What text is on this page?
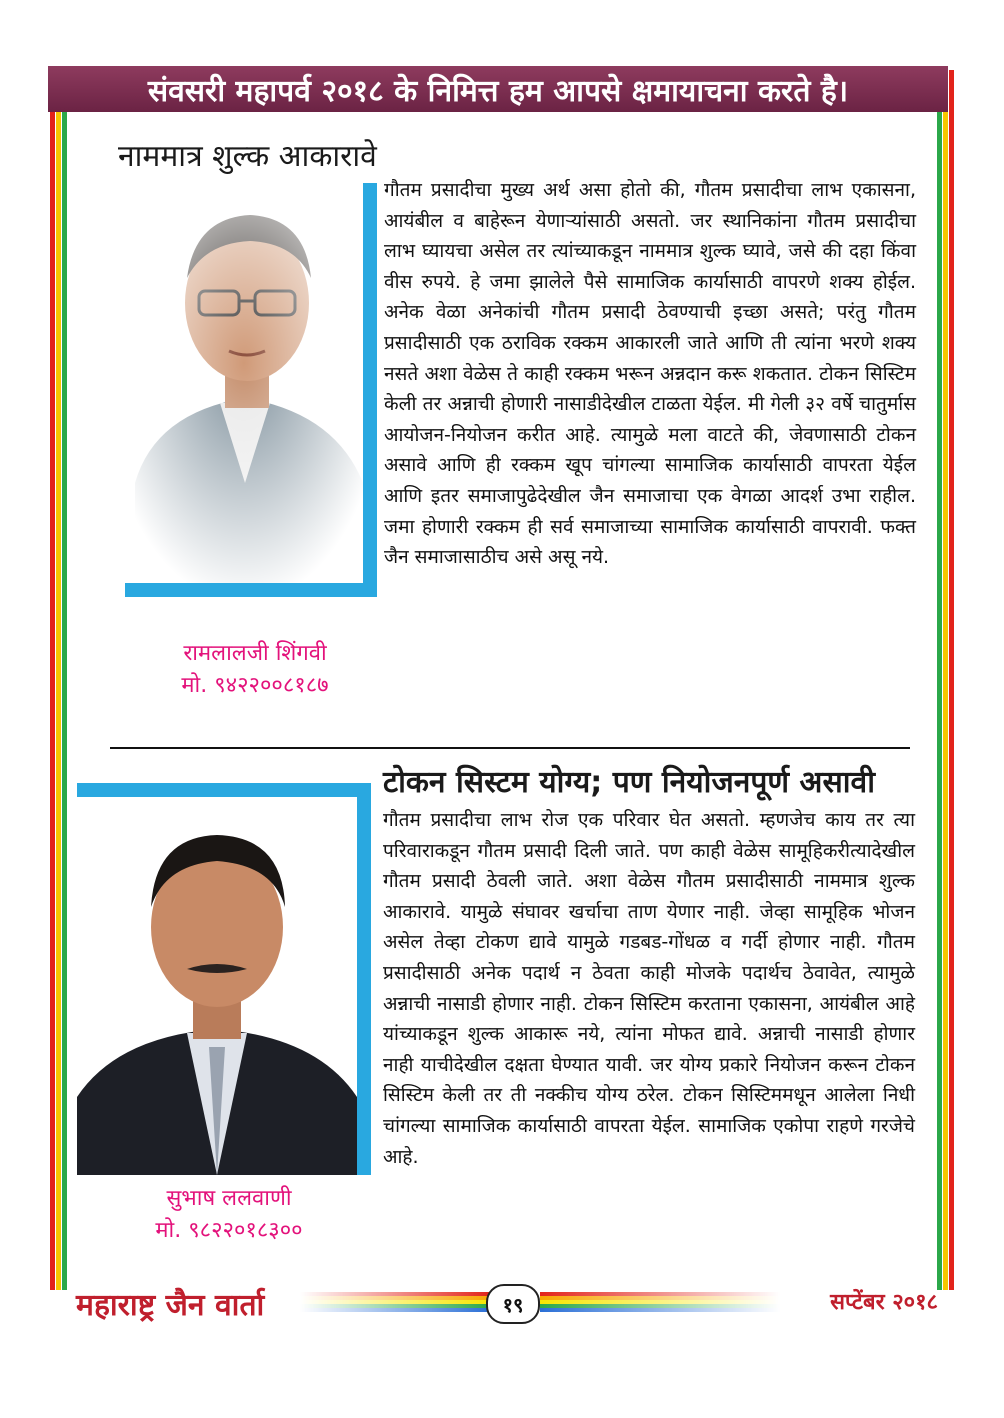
संवसरी महापर्व २०१८ के निमित्त हम आपसे क्षमायाचना करते है।
नाममात्र शुल्क आकारावे
गौतम प्रसादीचा मुख्य अर्थ असा होतो की, गौतम प्रसादीचा लाभ एकासना, आयंबील व बाहेरून येणाऱ्यांसाठी असतो. जर स्थानिकांना गौतम प्रसादीचा लाभ घ्यायचा असेल तर त्यांच्याकडून नाममात्र शुल्क घ्यावे, जसे की दहा किंवा वीस रुपये. हे जमा झालेले पैसे सामाजिक कार्यासाठी वापरणे शक्य होईल. अनेक वेळा अनेकांची गौतम प्रसादी ठेवण्याची इच्छा असते; परंतु गौतम प्रसादीसाठी एक ठराविक रक्कम आकारली जाते आणि ती त्यांना भरणे शक्य नसते अशा वेळेस ते काही रक्कम भरून अन्नदान करू शकतात. टोकन सिस्टिम केली तर अन्नाची होणारी नासाडीदेखील टाळता येईल. मी गेली ३२ वर्षे चातुर्मास आयोजन-नियोजन करीत आहे. त्यामुळे मला वाटते की, जेवणासाठी टोकन असावे आणि ही रक्कम खूप चांगल्या सामाजिक कार्यासाठी वापरता येईल आणि इतर समाजापुढेदेखील जैन समाजाचा एक वेगळा आदर्श उभा राहील. जमा होणारी रक्कम ही सर्व समाजाच्या सामाजिक कार्यासाठी वापरावी. फक्त जैन समाजासाठीच असे असू नये.
रामलालजी शिंगवी
मो. ९४२२००८१८७
टोकन सिस्टम योग्य; पण नियोजनपूर्ण असावी
गौतम प्रसादीचा लाभ रोज एक परिवार घेत असतो. म्हणजेच काय तर त्या परिवाराकडून गौतम प्रसादी दिली जाते. पण काही वेळेस सामूहिकरीत्यादेखील गौतम प्रसादी ठेवली जाते. अशा वेळेस गौतम प्रसादीसाठी नाममात्र शुल्क आकारावे. यामुळे संघावर खर्चाचा ताण येणार नाही. जेव्हा सामूहिक भोजन असेल तेव्हा टोकण द्यावे यामुळे गडबड-गोंधळ व गर्दी होणार नाही. गौतम प्रसादीसाठी अनेक पदार्थ न ठेवता काही मोजके पदार्थच ठेवावेत, त्यामुळे अन्नाची नासाडी होणार नाही. टोकन सिस्टिम करताना एकासना, आयंबील आहे यांच्याकडून शुल्क आकारू नये, त्यांना मोफत द्यावे. अन्नाची नासाडी होणार नाही याचीदेखील दक्षता घेण्यात यावी. जर योग्य प्रकारे नियोजन करून टोकन सिस्टिम केली तर ती नक्कीच योग्य ठरेल. टोकन सिस्टिममधून आलेला निधी चांगल्या सामाजिक कार्यासाठी वापरता येईल. सामाजिक एकोपा राहणे गरजेचे आहे.
सुभाष ललवाणी
मो. ९८२२०१८३००
महाराष्ट्र जैन वार्ता	१९	सप्टेंबर २०१८
